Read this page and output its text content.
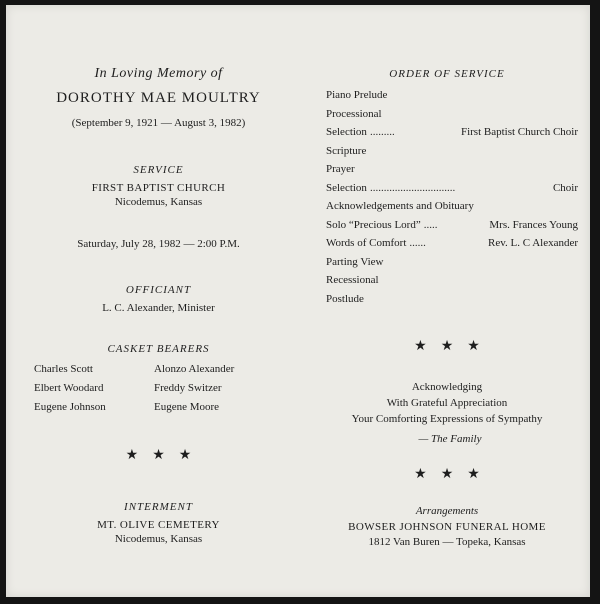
In Loving Memory of
DOROTHY MAE MOULTRY
(September 9, 1921 — August 3, 1982)
SERVICE
FIRST BAPTIST CHURCH
Nicodemus, Kansas
Saturday, July 28, 1982 — 2:00 P.M.
OFFICIANT
L. C. Alexander, Minister
CASKET BEARERS
Charles Scott	Alonzo Alexander
Elbert Woodard	Freddy Switzer
Eugene Johnson	Eugene Moore
★★★
INTERMENT
MT. OLIVE CEMETERY
Nicodemus, Kansas
ORDER OF SERVICE
Piano Prelude
Processional
Selection .........	First Baptist Church Choir
Scripture
Prayer
Selection ...............................	Choir
Acknowledgements and Obituary
Solo “Precious Lord” .....	Mrs. Frances Young
Words of Comfort ......	Rev. L. C Alexander
Parting View
Recessional
Postlude
★★★
Acknowledging
With Grateful Appreciation
Your Comforting Expressions of Sympathy
— The Family
★★★
Arrangements
BOWSER JOHNSON FUNERAL HOME
1812 Van Buren — Topeka, Kansas
